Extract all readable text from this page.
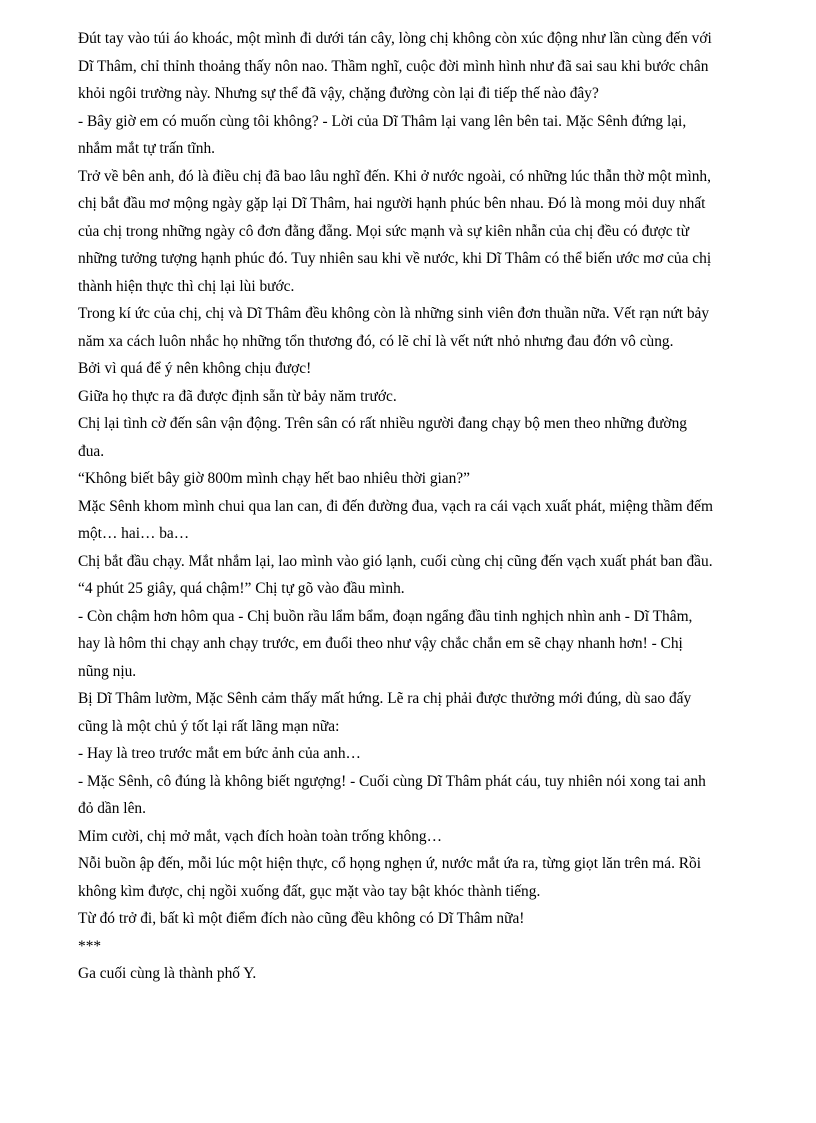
Đút tay vào túi áo khoác, một mình đi dưới tán cây, lòng chị không còn xúc động như lần cùng đến với
Dĩ Thâm, chỉ thỉnh thoảng thấy nôn nao. Thầm nghĩ, cuộc đời mình hình như đã sai sau khi bước chân
khỏi ngôi trường này. Nhưng sự thể đã vậy, chặng đường còn lại đi tiếp thế nào đây?

- Bây giờ em có muốn cùng tôi không? - Lời của Dĩ Thâm lại vang lên bên tai. Mặc Sênh đứng lại,
nhắm mắt tự trấn tĩnh.

Trở về bên anh, đó là điều chị đã bao lâu nghĩ đến. Khi ở nước ngoài, có những lúc thẫn thờ một mình,
chị bắt đầu mơ mộng ngày gặp lại Dĩ Thâm, hai người hạnh phúc bên nhau. Đó là mong mỏi duy nhất
của chị trong những ngày cô đơn đằng đẵng. Mọi sức mạnh và sự kiên nhẫn của chị đều có được từ
những tưởng tượng hạnh phúc đó. Tuy nhiên sau khi về nước, khi Dĩ Thâm có thể biến ước mơ của chị
thành hiện thực thì chị lại lùi bước.

Trong kí ức của chị, chị và Dĩ Thâm đều không còn là những sinh viên đơn thuần nữa. Vết rạn nứt bảy
năm xa cách luôn nhắc họ những tổn thương đó, có lẽ chỉ là vết nứt nhỏ nhưng đau đớn vô cùng.

Bởi vì quá để ý nên không chịu được!

Giữa họ thực ra đã được định sẵn từ bảy năm trước.

Chị lại tình cờ đến sân vận động. Trên sân có rất nhiều người đang chạy bộ men theo những đường
đua.

“Không biết bây giờ 800m mình chạy hết bao nhiêu thời gian?”

Mặc Sênh khom mình chui qua lan can, đi đến đường đua, vạch ra cái vạch xuất phát, miệng thầm đếm
một… hai… ba…

Chị bắt đầu chạy. Mắt nhắm lại, lao mình vào gió lạnh, cuối cùng chị cũng đến vạch xuất phát ban đầu.

“4 phút 25 giây, quá chậm!” Chị tự gõ vào đầu mình.

- Còn chậm hơn hôm qua - Chị buồn rầu lẩm bẩm, đoạn ngẩng đầu tinh nghịch nhìn anh - Dĩ Thâm,
hay là hôm thi chạy anh chạy trước, em đuổi theo như vậy chắc chắn em sẽ chạy nhanh hơn! - Chị
nũng nịu.

Bị Dĩ Thâm lườm, Mặc Sênh cảm thấy mất hứng. Lẽ ra chị phải được thưởng mới đúng, dù sao đấy
cũng là một chủ ý tốt lại rất lãng mạn nữa:

- Hay là treo trước mắt em bức ảnh của anh…

- Mặc Sênh, cô đúng là không biết ngượng! - Cuối cùng Dĩ Thâm phát cáu, tuy nhiên nói xong tai anh
đỏ dần lên.

Mỉm cười, chị mở mắt, vạch đích hoàn toàn trống không…

Nỗi buồn ập đến, mỗi lúc một hiện thực, cổ họng nghẹn ứ, nước mắt ứa ra, từng giọt lăn trên má. Rồi
không kìm được, chị ngồi xuống đất, gục mặt vào tay bật khóc thành tiếng.

Từ đó trở đi, bất kì một điểm đích nào cũng đều không có Dĩ Thâm nữa!

***

Ga cuối cùng là thành phố Y.
